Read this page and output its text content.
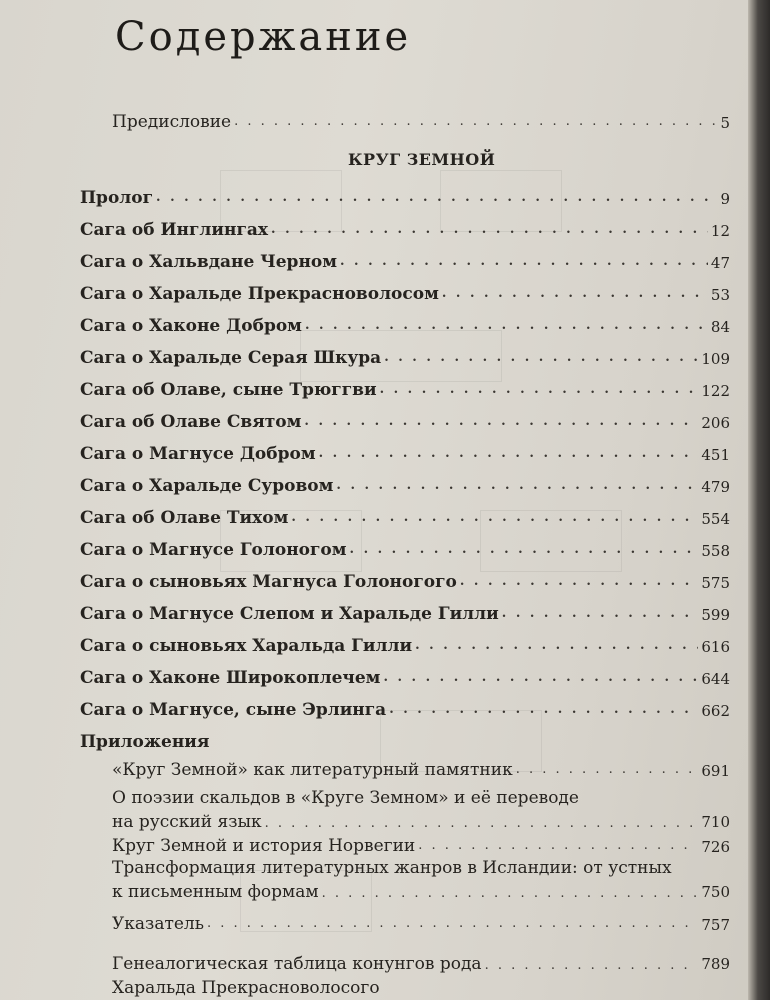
Содержание
Предисловие . . .	5
КРУГ ЗЕМНОЙ
Пролог . . .	9
Сага об Инглингах . . .	12
Сага о Хальвдане Черном . . .	47
Сага о Харальде Прекрасноволосом . . .	53
Сага о Хаконе Добром . . .	84
Сага о Харальде Серая Шкура . . .	109
Сага об Олаве, сыне Трюггви . . .	122
Сага об Олаве Святом . . .	206
Сага о Магнусе Добром . . .	451
Сага о Харальде Суровом . . .	479
Сага об Олаве Тихом . . .	554
Сага о Магнусе Голоногом . . .	558
Сага о сыновьях Магнуса Голоногого . . .	575
Сага о Магнусе Слепом и Харальде Гилли . . .	599
Сага о сыновьях Харальда Гилли . . .	616
Сага о Хаконе Широкоплечем . . .	644
Сага о Магнусе, сыне Эрлинга . . .	662
Приложения
«Круг Земной» как литературный памятник . . .	691
О поэзии скальдов в «Круге Земном» и её переводе
на русский язык . . .	710
Круг Земной и история Норвегии . . .	726
Трансформация литературных жанров в Исландии: от устных
к письменным формам . . .	750
Указатель . . .	757
Генеалогическая таблица конунгов рода . . .	789
Харальда Прекрасноволосого
